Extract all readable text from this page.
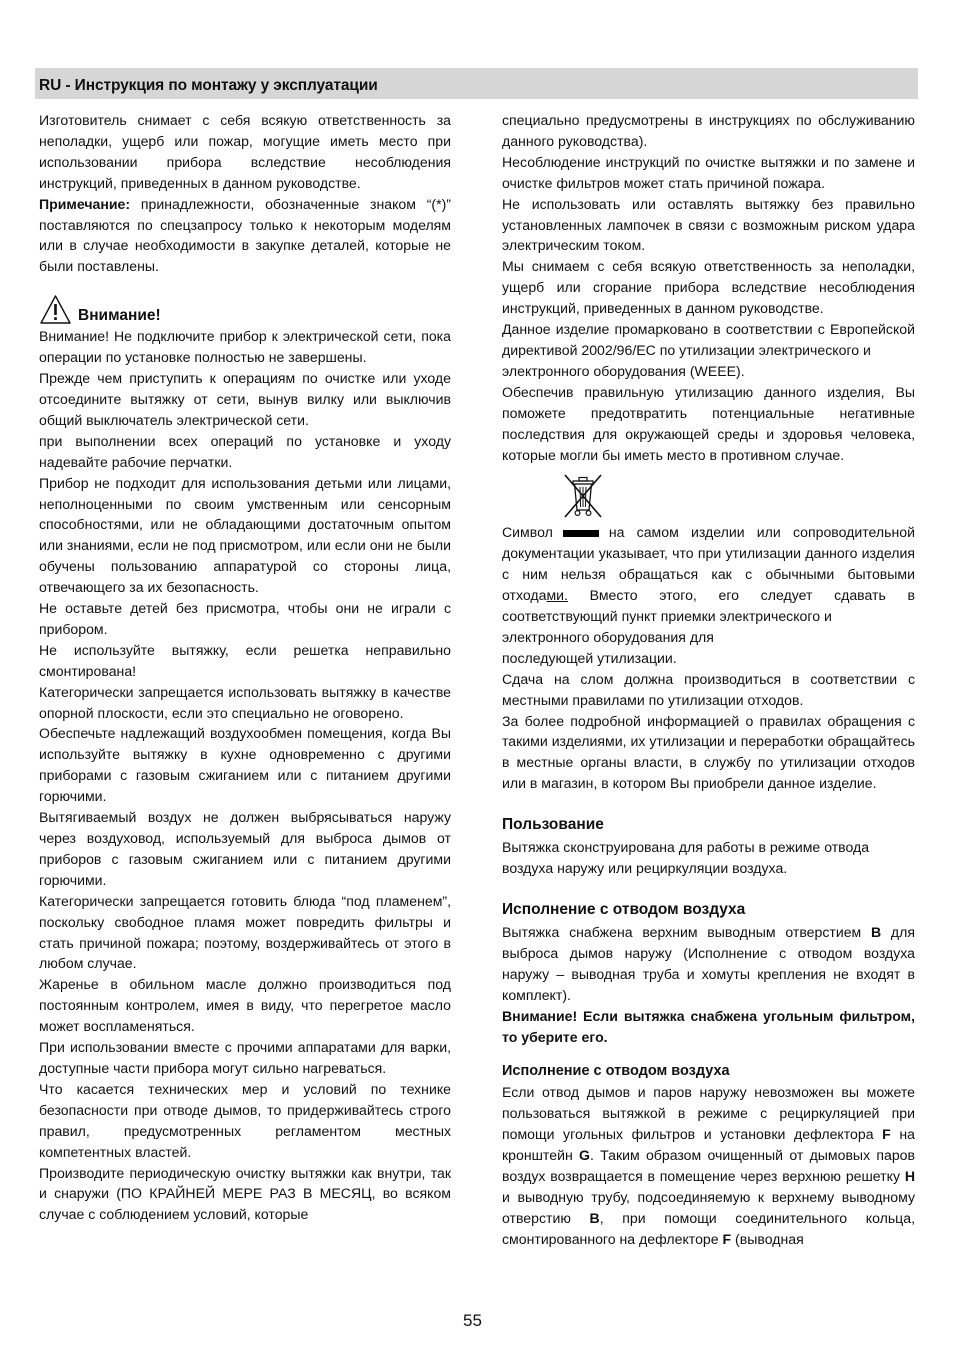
RU - Инструкция по монтажу у эксплуатации

Изготовитель снимает с себя всякую ответственность за неполадки, ущерб или пожар, могущие иметь место при использовании прибора вследствие несоблюдения инструкций, приведенных в данном руководстве.

Примечание: принадлежности, обозначенные знаком “(*)” поставляются по спецзапросу только к некоторым моделям или в случае необходимости в закупке деталей, которые не были поставлены.

Внимание!

Внимание! Не подключите прибор к электрической сети, пока операции по установке полностью не завершены.

Прежде чем приступить к операциям по очистке или уходе отсоедините вытяжку от сети, вынув вилку или выключив общий выключатель электрической сети.

при выполнении всех операций по установке и уходу надевайте рабочие перчатки.

Прибор не подходит для использования детьми или лицами, неполноценными по своим умственным или сенсорным способностями, или не обладающими достаточным опытом или знаниями, если не под присмотром, или если они не были обучены пользованию аппаратурой со стороны лица, отвечающего за их безопасность.

Не оставьте детей без присмотра, чтобы они не играли с прибором.

Не используйте вытяжку, если решетка неправильно смонтирована!

Категорически запрещается использовать вытяжку в качестве опорной плоскости, если это специально не оговорено.

Обеспечьте надлежащий воздухообмен помещения, когда Вы используйте вытяжку в кухне одновременно с другими приборами с газовым сжиганием или с питанием другими горючими.

Вытягиваемый воздух не должен выбрясываться наружу через воздуховод, используемый для выброса дымов от приборов с газовым сжиганием или с питанием другими горючими.

Категорически запрещается готовить блюда “под пламенем”, поскольку свободное пламя может повредить фильтры и стать причиной пожара; поэтому, воздерживайтесь от этого в любом случае.

Жаренье в обильном масле должно производиться под постоянным контролем, имея в виду, что перегретое масло может воспламеняться.

При использовании вместе с прочими аппаратами для варки, доступные части прибора могут сильно нагреваться.

Что касается технических мер и условий по технике безопасности при отводе дымов, то придерживайтесь строго правил, предусмотренных регламентом местных компетентных властей.

Производите периодическую очистку вытяжки как внутри, так и снаружи (ПО КРАЙНЕЙ МЕРЕ РАЗ В МЕСЯЦ, во всяком случае с соблюдением условий, которые

специально предусмотрены в инструкциях по обслуживанию данного руководства).

Несоблюдение инструкций по очистке вытяжки и по замене и очистке фильтров может стать причиной пожара.

Не использовать или оставлять вытяжку без правильно установленных лампочек в связи с возможным риском удара электрическим током.

Мы снимаем с себя всякую ответственность за неполадки, ущерб или сгорание прибора вследствие несоблюдения инструкций, приведенных в данном руководстве.

Данное изделие промарковано в соответствии с Европейской директивой 2002/96/EC по утилизации электрического и

электронного оборудования (WEEE).

Обеспечив правильную утилизацию данного изделия, Вы поможете предотвратить потенциальные негативные последствия для окружающей среды и здоровья человека, которые могли бы иметь место в противном случае.

Символ	на самом изделии или сопроводительной документации указывает, что при утилизации данного изделия с ним нельзя обращаться как с обычными бытовыми отходами. Вместо этого, его следует сдавать в соответствующий пункт приемки электрического и

электронного оборудования для

последующей утилизации.

Сдача на слом должна производиться в соответствии с местными правилами по утилизации отходов.

За более подробной информацией о правилах обращения с такими изделиями, их утилизации и переработки обращайтесь в местные органы власти, в службу по утилизации отходов или в магазин, в котором Вы приобрели данное изделие.

Пользование

Вытяжка сконструирована для работы в режиме отвода воздуха наружу или рециркуляции воздуха.

Исполнение с отводом воздуха

Вытяжка снабжена верхним выводным отверстием B для выброса дымов наружу (Исполнение с отводом воздуха наружу – выводная труба и хомуты крепления не входят в комплект).

Внимание! Если вытяжка снабжена угольным фильтром, то уберите его.

Исполнение с отводом воздуха

Если отвод дымов и паров наружу невозможен вы можете пользоваться вытяжкой в режиме с рециркуляцией при помощи угольных фильтров и установки дефлектора F на кронштейн G. Таким образом очищенный от дымовых паров воздух возвращается в помещение через верхнюю решетку H и выводную трубу, подсоединяемую к верхнему выводному отверстию B, при помощи соединительного кольца, смонтированного на дефлекторе F (выводная

55
